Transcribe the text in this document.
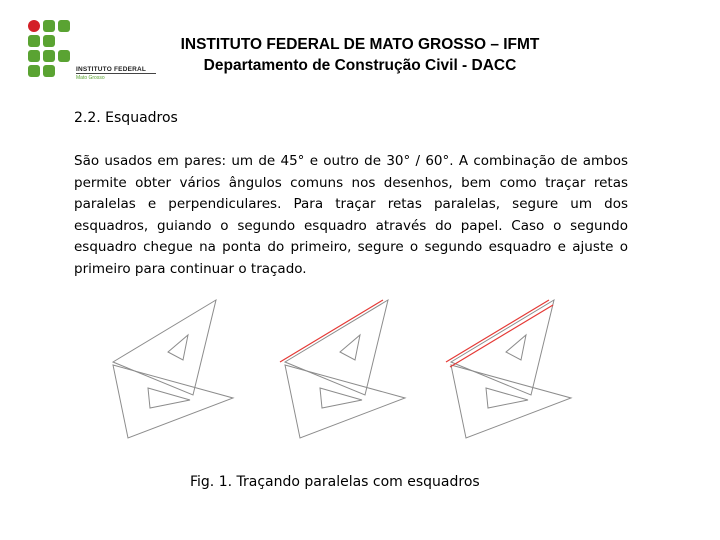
INSTITUTO FEDERAL
Mato Grosso
INSTITUTO FEDERAL DE MATO GROSSO – IFMT
Departamento de Construção Civil - DACC
2.2. Esquadros
São usados em pares: um de 45° e outro de 30° / 60°. A combinação de ambos permite obter vários ângulos comuns nos desenhos, bem como traçar retas paralelas e perpendiculares. Para traçar retas paralelas, segure um dos esquadros, guiando o segundo esquadro através do papel. Caso o segundo esquadro chegue na ponta do primeiro, segure o segundo esquadro e ajuste o primeiro para continuar o traçado.
Fig. 1. Traçando paralelas com esquadros
